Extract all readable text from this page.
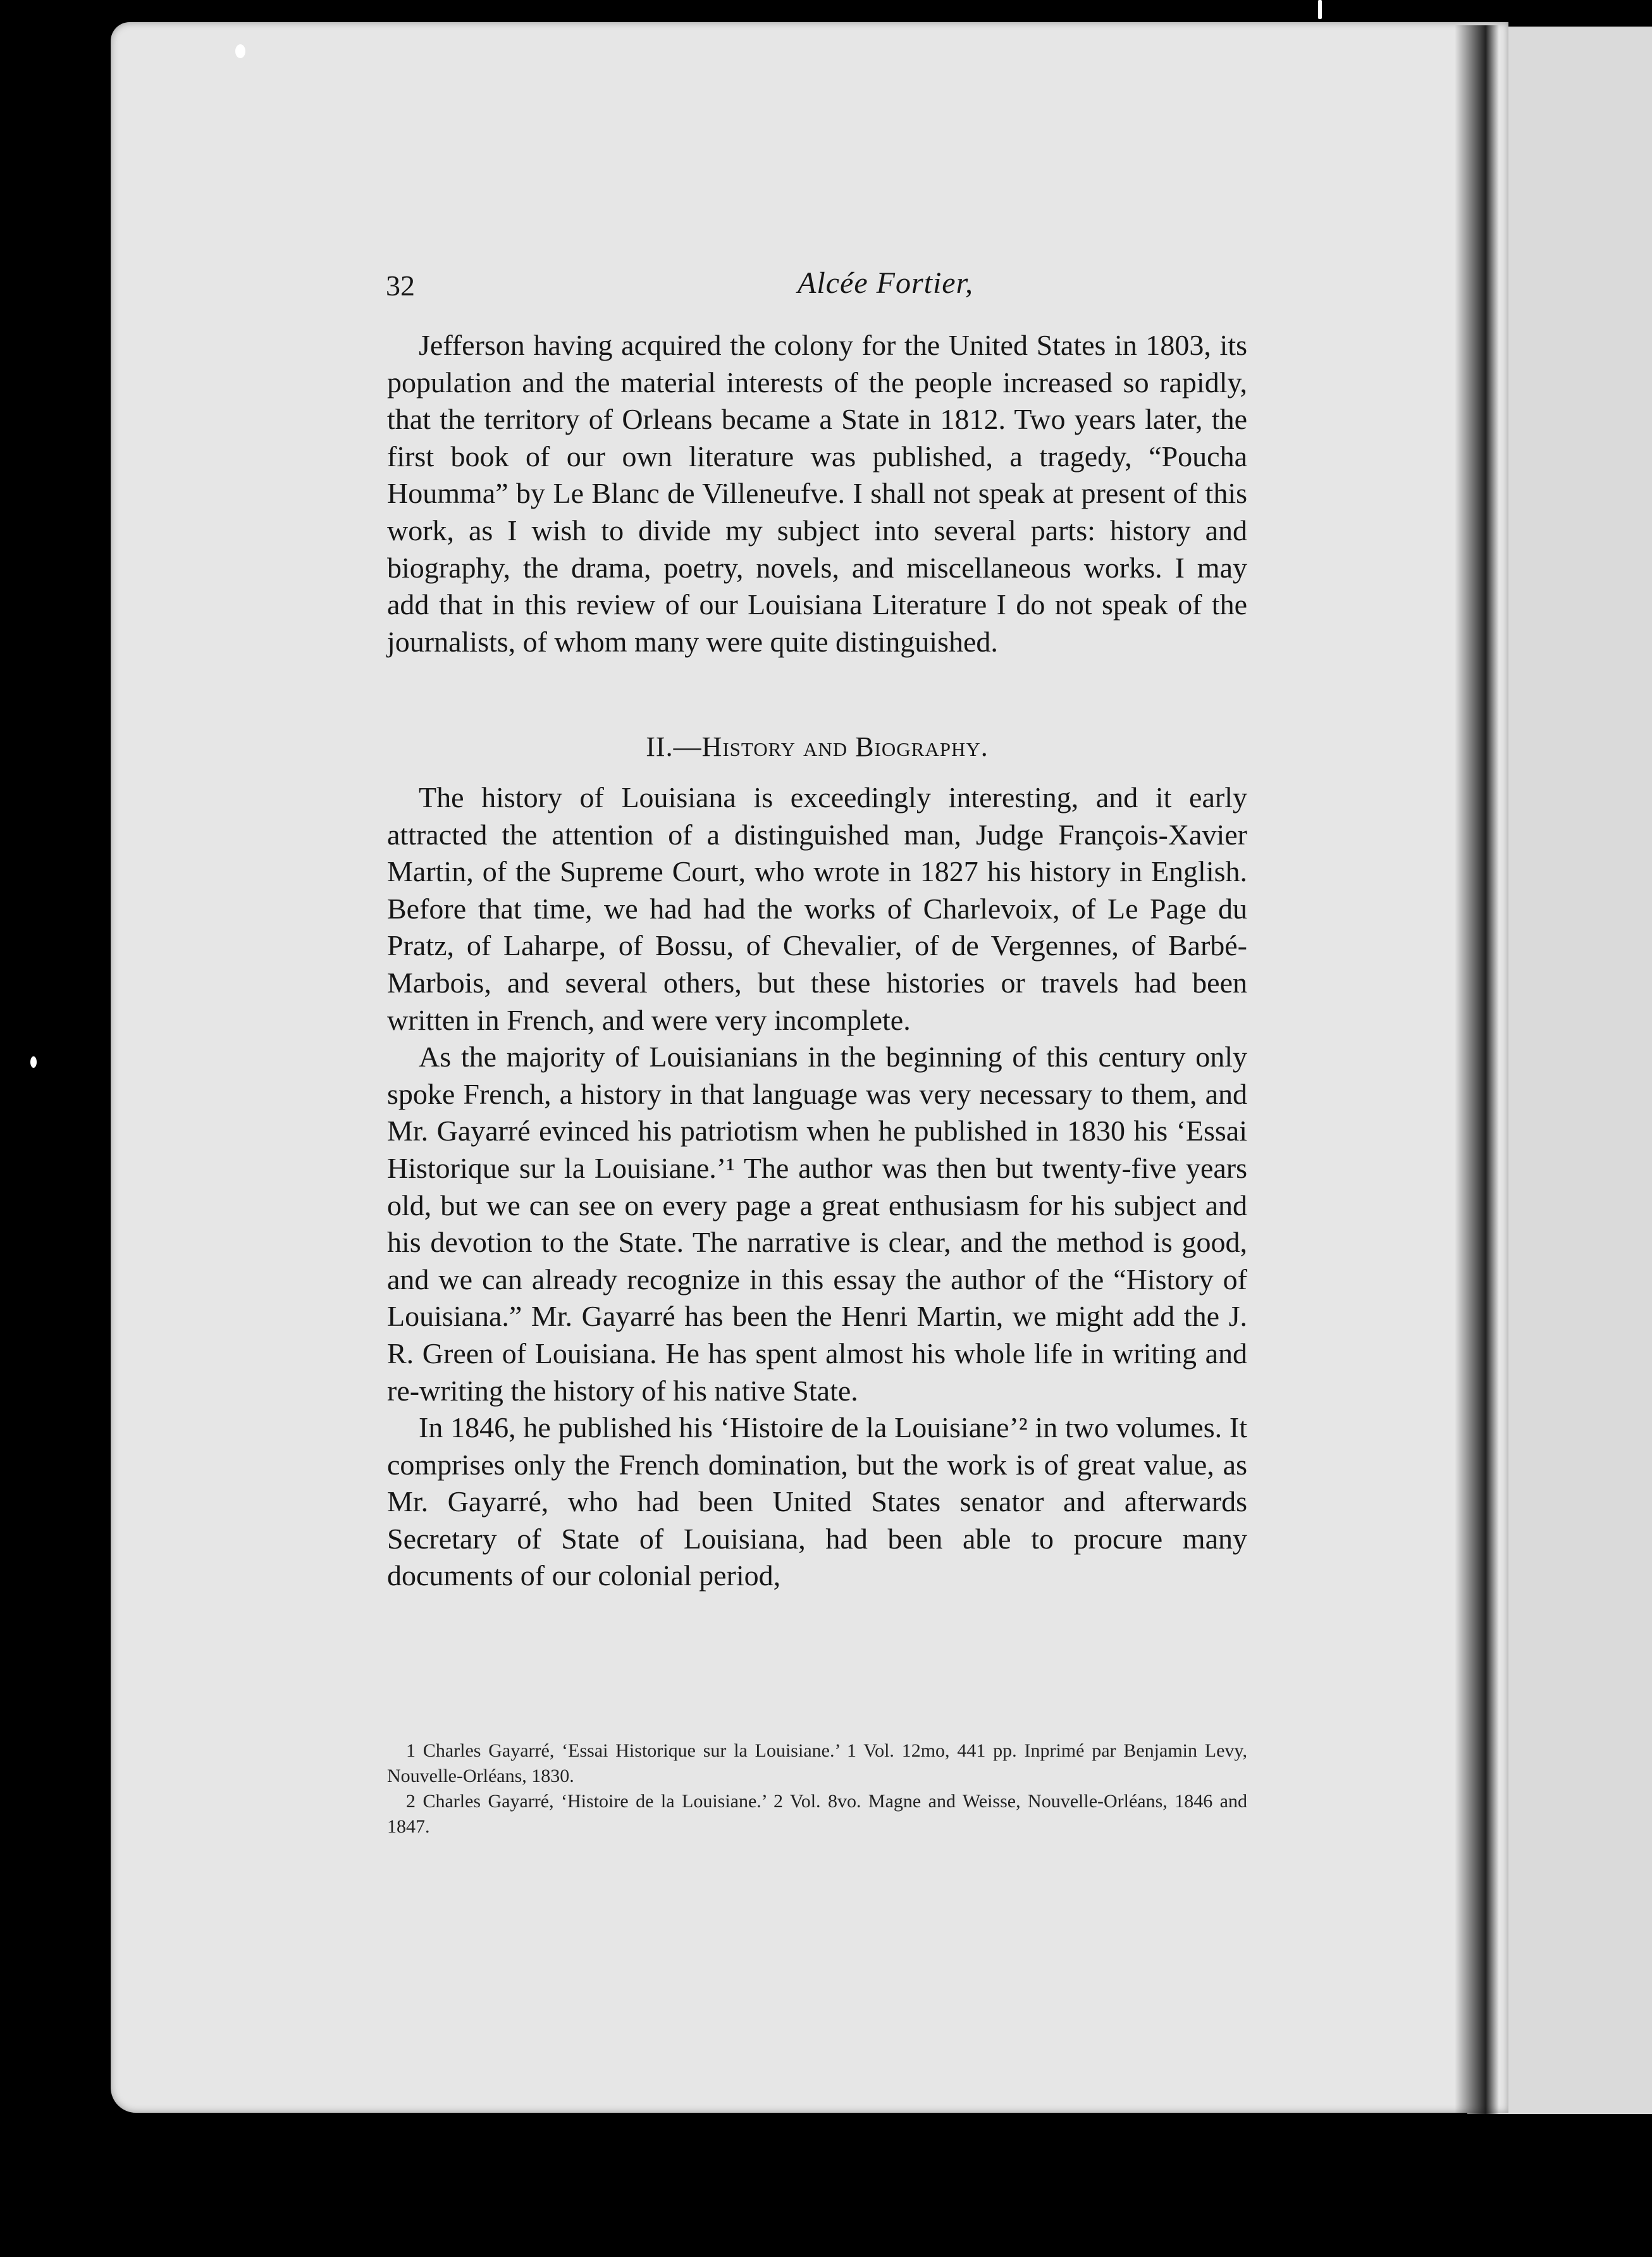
32	Alcée Fortier,

Jefferson having acquired the colony for the United States in 1803, its population and the material interests of the people increased so rapidly, that the territory of Orleans became a State in 1812. Two years later, the first book of our own literature was published, a tragedy, “Poucha Houmma” by Le Blanc de Villeneufve. I shall not speak at present of this work, as I wish to divide my subject into several parts: history and biography, the drama, poetry, novels, and miscellaneous works. I may add that in this review of our Louisiana Literature I do not speak of the journalists, of whom many were quite distinguished.

II.—History and Biography.

The history of Louisiana is exceedingly interesting, and it early attracted the attention of a distinguished man, Judge François-Xavier Martin, of the Supreme Court, who wrote in 1827 his history in English. Before that time, we had had the works of Charlevoix, of Le Page du Pratz, of Laharpe, of Bossu, of Chevalier, of de Vergennes, of Barbé-Marbois, and several others, but these histories or travels had been written in French, and were very incomplete.

As the majority of Louisianians in the beginning of this century only spoke French, a history in that language was very necessary to them, and Mr. Gayarré evinced his patriotism when he published in 1830 his ‘Essai Historique sur la Louisiane.’¹ The author was then but twenty-five years old, but we can see on every page a great enthusiasm for his subject and his devotion to the State. The narrative is clear, and the method is good, and we can already recognize in this essay the author of the “History of Louisiana.” Mr. Gayarré has been the Henri Martin, we might add the J. R. Green of Louisiana. He has spent almost his whole life in writing and re-writing the history of his native State.

In 1846, he published his ‘Histoire de la Louisiane’² in two volumes. It comprises only the French domination, but the work is of great value, as Mr. Gayarré, who had been United States senator and afterwards Secretary of State of Louisiana, had been able to procure many documents of our colonial period,

1 Charles Gayarré, ‘Essai Historique sur la Louisiane.’ 1 Vol. 12mo, 441 pp. Inprimé par Benjamin Levy, Nouvelle-Orléans, 1830.

2 Charles Gayarré, ‘Histoire de la Louisiane.’ 2 Vol. 8vo. Magne and Weisse, Nouvelle-Orléans, 1846 and 1847.
